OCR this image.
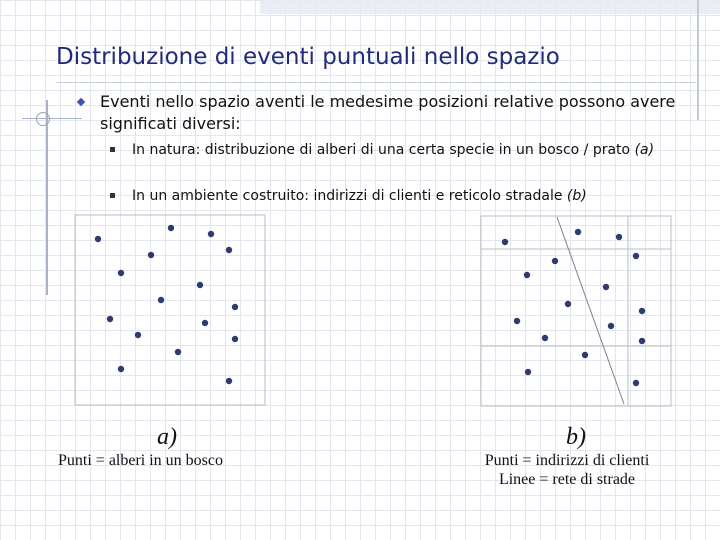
Distribuzione di eventi puntuali nello spazio
Eventi nello spazio aventi le medesime posizioni relative possono avere significati diversi:
In natura: distribuzione di alberi di una certa specie in un bosco / prato (a)
In un ambiente costruito: indirizzi di clienti e reticolo stradale (b)
a)
Punti = alberi in un bosco
b)
Punti = indirizzi di clienti
Linee = rete di strade
